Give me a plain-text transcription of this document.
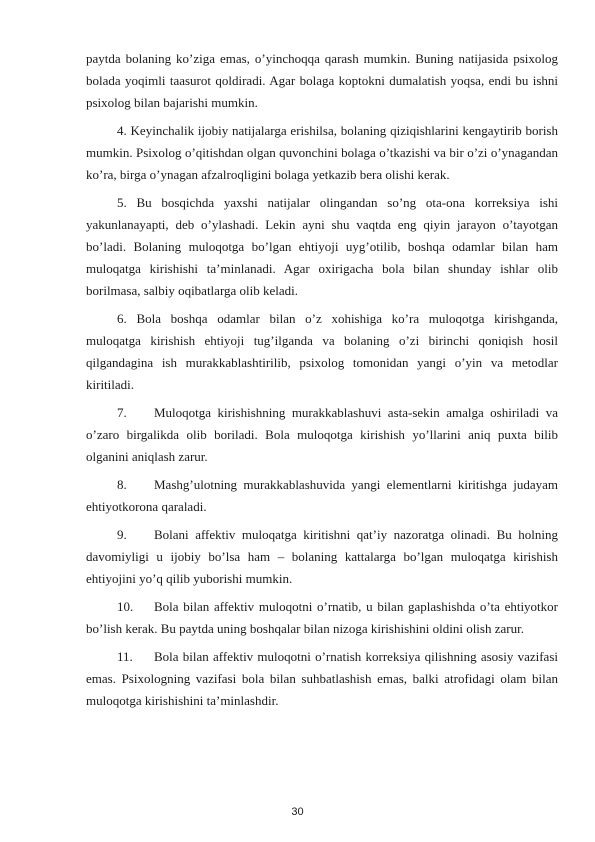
paytda bolaning ko’ziga emas, o’yinchoqqa qarash mumkin. Buning natijasida psixolog bolada yoqimli taasurot qoldiradi. Agar bolaga koptokni dumalatish yoqsa, endi bu ishni psixolog bilan bajarishi mumkin.

4. Keyinchalik ijobiy natijalarga erishilsa, bolaning qiziqishlarini kengaytirib borish mumkin. Psixolog o’qitishdan olgan quvonchini bolaga o’tkazishi va bir o’zi o’ynagandan ko’ra, birga o’ynagan afzalroqligini bolaga yetkazib bera olishi kerak.

5. Bu bosqichda yaxshi natijalar olingandan so’ng ota-ona korreksiya ishi yakunlanayapti, deb o’ylashadi. Lekin ayni shu vaqtda eng qiyin jarayon o’tayotgan bo’ladi. Bolaning muloqotga bo’lgan ehtiyoji uyg’otilib, boshqa odamlar bilan ham muloqatga kirishishi ta’minlanadi. Agar oxirigacha bola bilan shunday ishlar olib borilmasa, salbiy oqibatlarga olib keladi.

6. Bola boshqa odamlar bilan o’z xohishiga ko’ra muloqotga kirishganda, muloqatga kirishish ehtiyoji tug’ilganda va bolaning o’zi birinchi qoniqish hosil qilgandagina ish murakkablashtirilib, psixolog tomonidan yangi o’yin va metodlar kiritiladi.

7. Muloqotga kirishishning murakkablashuvi asta-sekin amalga oshiriladi va o’zaro birgalikda olib boriladi. Bola muloqotga kirishish yo’llarini aniq puxta bilib olganini aniqlash zarur.

8. Mashg’ulotning murakkablashuvida yangi elementlarni kiritishga judayam ehtiyotkorona qaraladi.

9. Bolani affektiv muloqatga kiritishni qat’iy nazoratga olinadi. Bu holning davomiyligi u ijobiy bo’lsa ham – bolaning kattalarga bo’lgan muloqatga kirishish ehtiyojini yo’q qilib yuborishi mumkin.

10. Bola bilan affektiv muloqotni o’rnatib, u bilan gaplashishda o’ta ehtiyotkor bo’lish kerak. Bu paytda uning boshqalar bilan nizoga kirishishini oldini olish zarur.

11. Bola bilan affektiv muloqotni o’rnatish korreksiya qilishning asosiy vazifasi emas. Psixologning vazifasi bola bilan suhbatlashish emas, balki atrofidagi olam bilan muloqotga kirishishini ta’minlashdir.

30
